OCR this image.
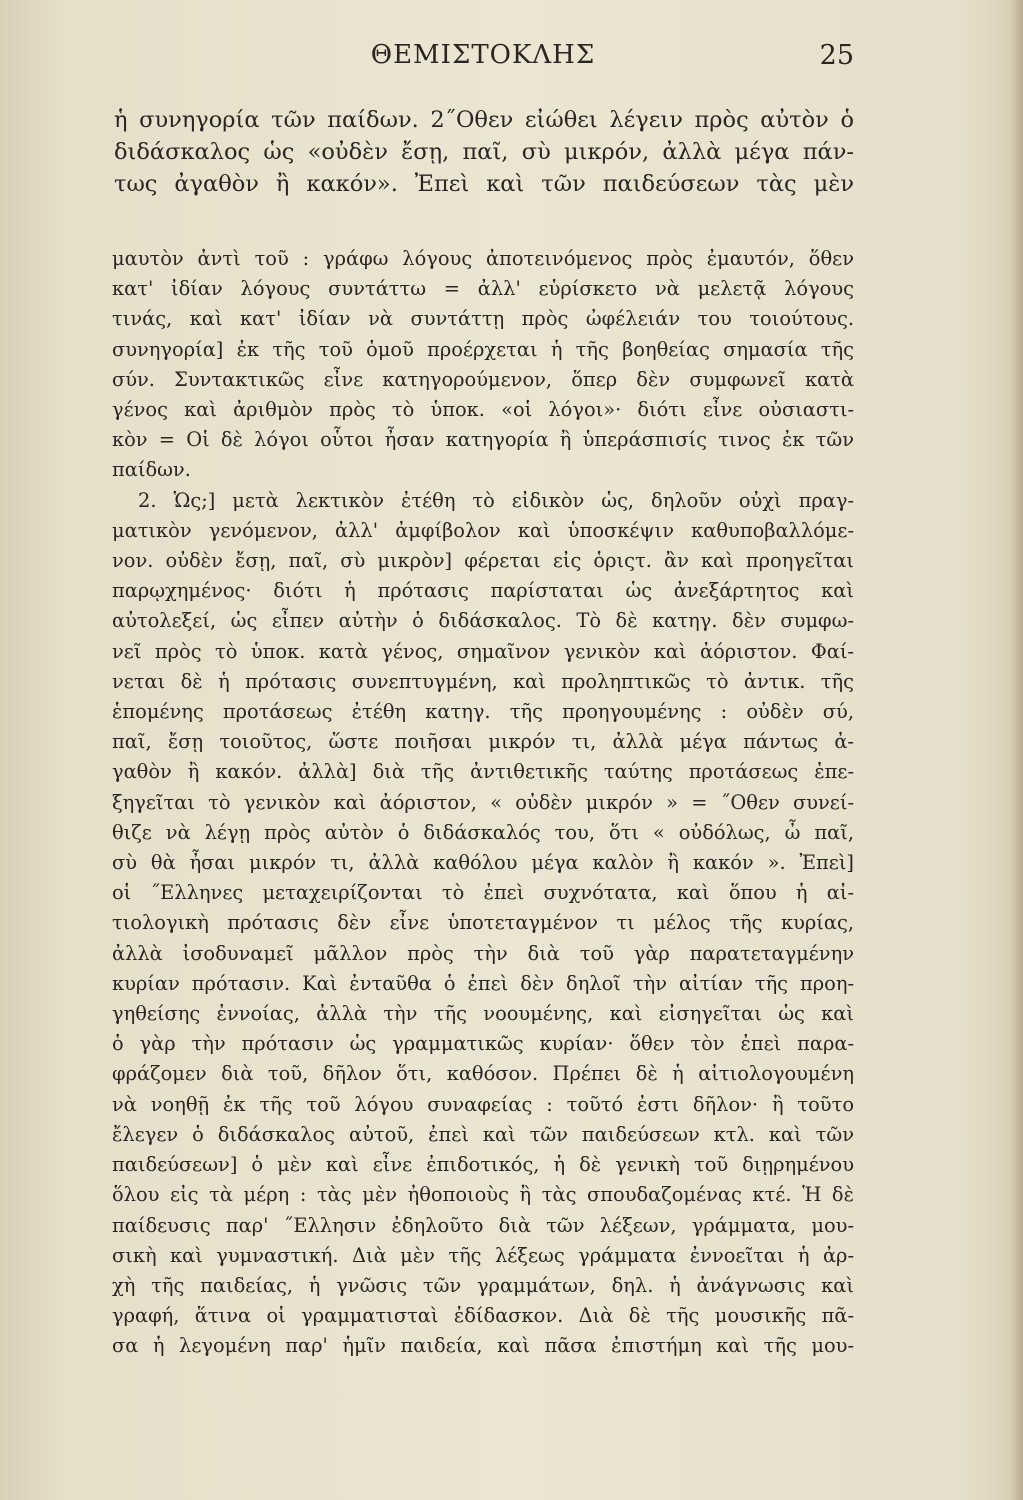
ΘΕΜΙΣΤΟΚΛΗΣ	25
ἡ συνηγορία τῶν παίδων. 2˝Οθεν εἰώθει λέγειν πρὸς αὐτὸν ὁ
διδάσκαλος ὡς «οὐδὲν ἔσῃ, παῖ, σὺ μικρόν, ἀλλὰ μέγα πάν-
τως ἀγαθὸν ἢ κακόν». Ἐπεὶ καὶ τῶν παιδεύσεων τὰς μὲν
μαυτὸν ἀντὶ τοῦ : γράφω λόγους ἀποτεινόμενος πρὸς ἐμαυτόν, ὅθεν
κατ' ἰδίαν λόγους συντάττω = ἀλλ' εὑρίσκετο νὰ μελετᾷ λόγους
τινάς, καὶ κατ' ἰδίαν νὰ συντάττῃ πρὸς ὠφέλειάν του τοιούτους.
συνηγορία] ἐκ τῆς τοῦ ὁμοῦ προέρχεται ἡ τῆς βοηθείας σημασία τῆς
σύν. Συντακτικῶς εἶνε κατηγορούμενον, ὅπερ δὲν συμφωνεῖ κατὰ
γένος καὶ ἀριθμὸν πρὸς τὸ ὑποκ. «οἱ λόγοι»· διότι εἶνε οὐσιαστι-
κὸν = Οἱ δὲ λόγοι οὗτοι ἦσαν κατηγορία ἢ ὑπεράσπισίς τινος ἐκ τῶν
παίδων.
2. Ὡς;] μετὰ λεκτικὸν ἐτέθη τὸ εἰδικὸν ὡς, δηλοῦν οὐχὶ πραγ-
ματικὸν γενόμενον, ἀλλ' ἀμφίβολον καὶ ὑποσκέψιν καθυποβαλλόμε-
νον. οὐδὲν ἔσῃ, παῖ, σὺ μικρὸν] φέρεται εἰς ὁριςτ. ἂν καὶ προηγεῖται
παρῳχημένος· διότι ἡ πρότασις παρίσταται ὡς ἀνεξάρτητος καὶ
αὐτολεξεί, ὡς εἶπεν αὐτὴν ὁ διδάσκαλος. Τὸ δὲ κατηγ. δὲν συμφω-
νεῖ πρὸς τὸ ὑποκ. κατὰ γένος, σημαῖνον γενικὸν καὶ ἀόριστον. Φαί-
νεται δὲ ἡ πρότασις συνεπτυγμένη, καὶ προληπτικῶς τὸ ἀντικ. τῆς
ἑπομένης προτάσεως ἐτέθη κατηγ. τῆς προηγουμένης : οὐδὲν σύ,
παῖ, ἔσῃ τοιοῦτος, ὥστε ποιῆσαι μικρόν τι, ἀλλὰ μέγα πάντως ἀ-
γαθὸν ἢ κακόν. ἀλλὰ] διὰ τῆς ἀντιθετικῆς ταύτης προτάσεως ἐπε-
ξηγεῖται τὸ γενικὸν καὶ ἀόριστον, « οὐδὲν μικρόν » = ˝Οθεν συνεί-
θιζε νὰ λέγῃ πρὸς αὐτὸν ὁ διδάσκαλός του, ὅτι « οὐδόλως, ὦ παῖ,
σὺ θὰ ἦσαι μικρόν τι, ἀλλὰ καθόλου μέγα καλὸν ἢ κακόν ». Ἐπεὶ]
οἱ ˝Ελληνες μεταχειρίζονται τὸ ἐπεὶ συχνότατα, καὶ ὅπου ἡ αἰ-
τιολογικὴ πρότασις δὲν εἶνε ὑποτεταγμένον τι μέλος τῆς κυρίας,
ἀλλὰ ἰσοδυναμεῖ μᾶλλον πρὸς τὴν διὰ τοῦ γὰρ παρατεταγμένην
κυρίαν πρότασιν. Καὶ ἐνταῦθα ὁ ἐπεὶ δὲν δηλοῖ τὴν αἰτίαν τῆς προη-
γηθείσης ἐννοίας, ἀλλὰ τὴν τῆς νοουμένης, καὶ εἰσηγεῖται ὡς καὶ
ὁ γὰρ τὴν πρότασιν ὡς γραμματικῶς κυρίαν· ὅθεν τὸν ἐπεὶ παρα-
φράζομεν διὰ τοῦ, δῆλον ὅτι, καθόσον. Πρέπει δὲ ἡ αἰτιολογουμένη
νὰ νοηθῇ ἐκ τῆς τοῦ λόγου συναφείας : τοῦτό ἐστι δῆλον· ἢ τοῦτο
ἔλεγεν ὁ διδάσκαλος αὐτοῦ, ἐπεὶ καὶ τῶν παιδεύσεων κτλ. καὶ τῶν
παιδεύσεων] ὁ μὲν καὶ εἶνε ἐπιδοτικός, ἡ δὲ γενικὴ τοῦ διῃρημένου
ὅλου εἰς τὰ μέρη : τὰς μὲν ἠθοποιοὺς ἢ τὰς σπουδαζομένας κτέ. Ἡ δὲ
παίδευσις παρ' ˝Ελλησιν ἐδηλοῦτο διὰ τῶν λέξεων, γράμματα, μου-
σικὴ καὶ γυμναστική. Διὰ μὲν τῆς λέξεως γράμματα ἐννοεῖται ἡ ἀρ-
χὴ τῆς παιδείας, ἡ γνῶσις τῶν γραμμάτων, δηλ. ἡ ἀνάγνωσις καὶ
γραφή, ἅτινα οἱ γραμματισταὶ ἐδίδασκον. Διὰ δὲ τῆς μουσικῆς πᾶ-
σα ἡ λεγομένη παρ' ἡμῖν παιδεία, καὶ πᾶσα ἐπιστήμη καὶ τῆς μου-
